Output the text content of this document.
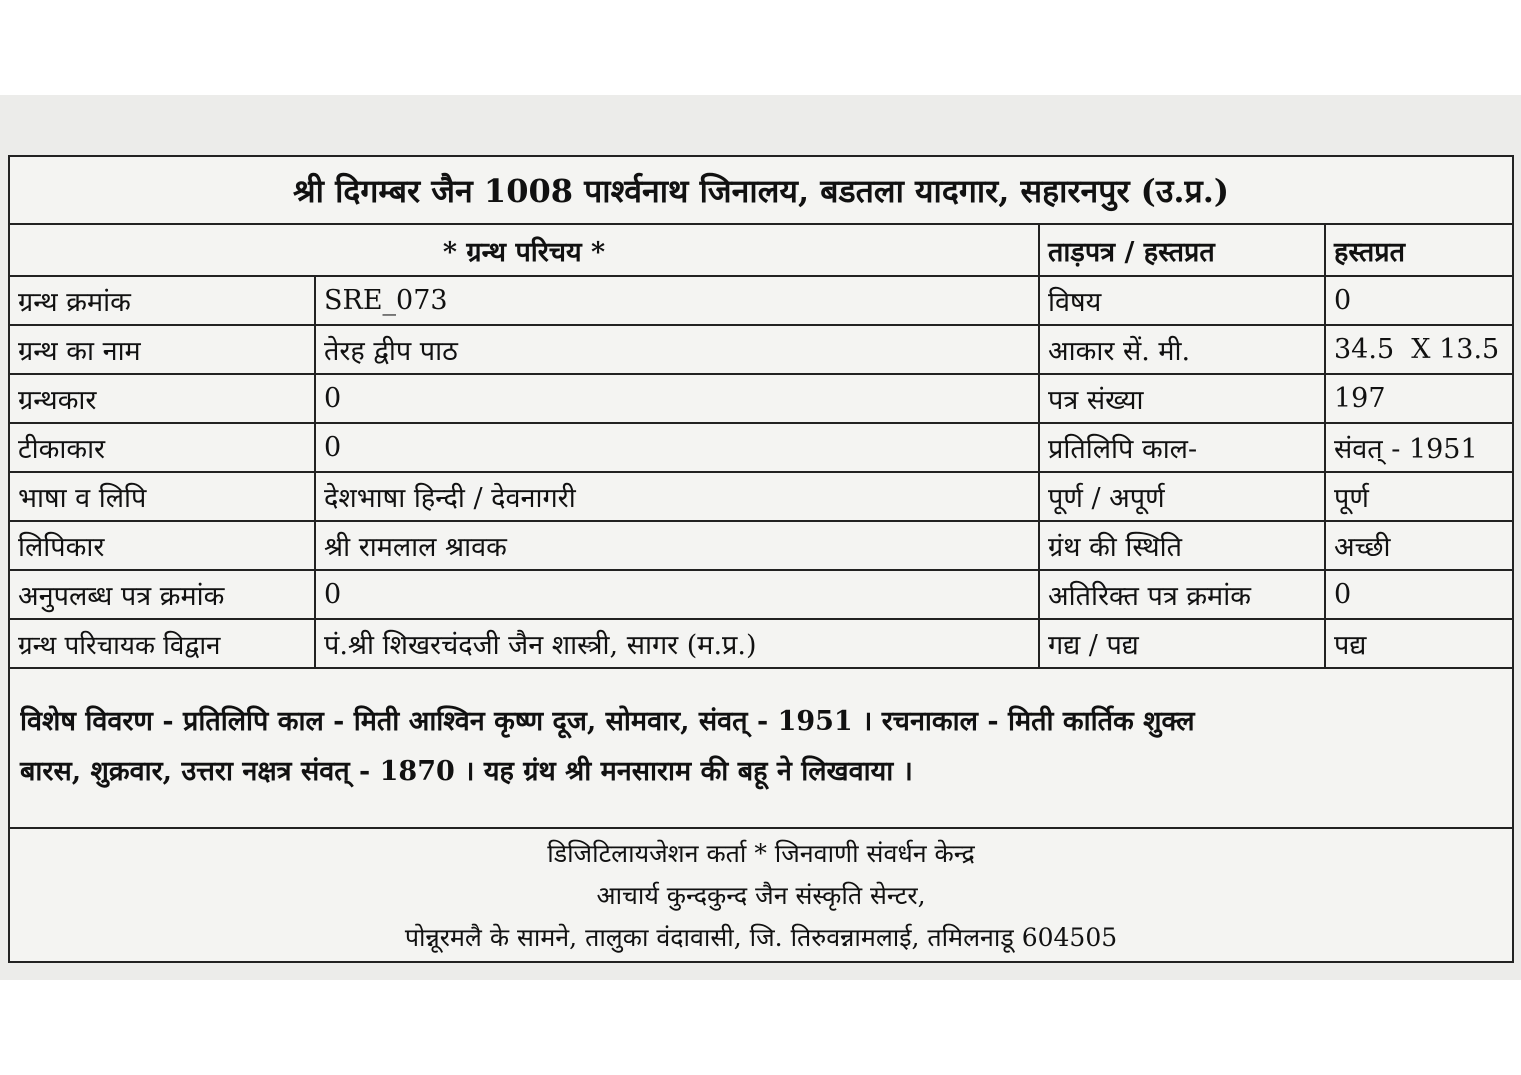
श्री दिगम्बर जैन 1008 पार्श्वनाथ जिनालय, बडतला यादगार, सहारनपुर (उ.प्र.)
* ग्रन्थ परिचय *	ताड़पत्र / हस्तप्रत	हस्तप्रत
ग्रन्थ क्रमांक	SRE_073	विषय	0
ग्रन्थ का नाम	तेरह द्वीप पाठ	आकार सें. मी.	34.5  X 13.5
ग्रन्थकार	0	पत्र संख्या	197
टीकाकार	0	प्रतिलिपि काल-	संवत् - 1951
भाषा व लिपि	देशभाषा हिन्दी / देवनागरी	पूर्ण / अपूर्ण	पूर्ण
लिपिकार	श्री रामलाल श्रावक	ग्रंथ की स्थिति	अच्छी
अनुपलब्ध पत्र क्रमांक	0	अतिरिक्त पत्र क्रमांक	0
ग्रन्थ परिचायक विद्वान	पं.श्री शिखरचंदजी जैन शास्त्री, सागर (म.प्र.)	गद्य / पद्य	पद्य
विशेष विवरण - प्रतिलिपि काल - मिती आश्विन कृष्ण दूज, सोमवार, संवत् - 1951 । रचनाकाल - मिती कार्तिक शुक्ल
बारस, शुक्रवार, उत्तरा नक्षत्र संवत् - 1870 । यह ग्रंथ श्री मनसाराम की बहू ने लिखवाया ।
डिजिटिलायजेशन कर्ता * जिनवाणी संवर्धन केन्द्र
आचार्य कुन्दकुन्द जैन संस्कृति सेन्टर,
पोन्नूरमलै के सामने, तालुका वंदावासी, जि. तिरुवन्नामलाई, तमिलनाडू 604505
